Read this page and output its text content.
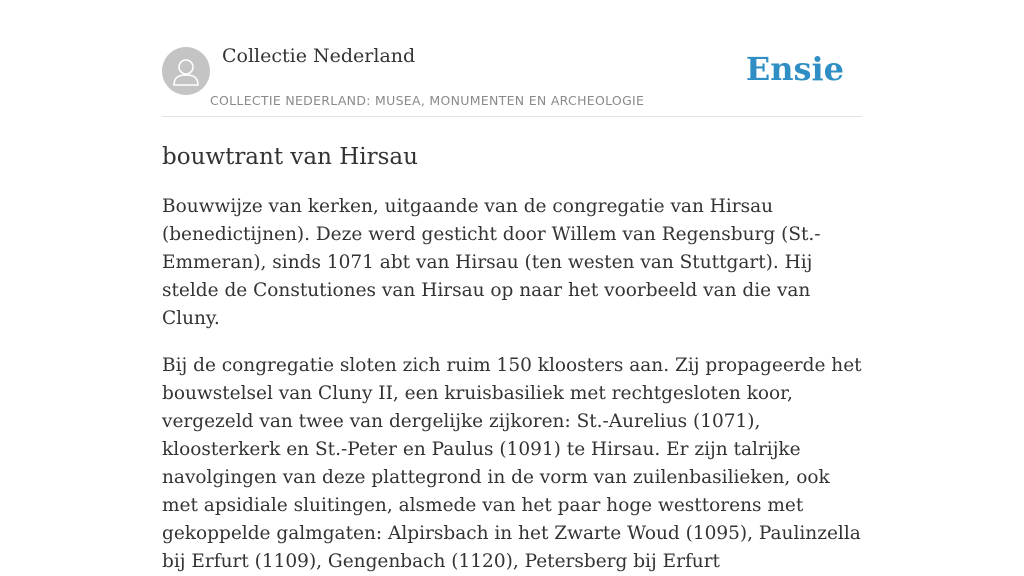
Collectie Nederland
COLLECTIE NEDERLAND: MUSEA, MONUMENTEN EN ARCHEOLOGIE
Ensie
bouwtrant van Hirsau

Bouwwijze van kerken, uitgaande van de congregatie van Hirsau (benedictijnen). Deze werd gesticht door Willem van Regensburg (St.-Emmeran), sinds 1071 abt van Hirsau (ten westen van Stuttgart). Hij stelde de Constutiones van Hirsau op naar het voorbeeld van die van Cluny.

Bij de congregatie sloten zich ruim 150 kloosters aan. Zij propageerde het bouwstelsel van Cluny II, een kruisbasiliek met rechtgesloten koor, vergezeld van twee van dergelijke zijkoren: St.-Aurelius (1071), kloosterkerk en St.-Peter en Paulus (1091) te Hirsau. Er zijn talrijke navolgingen van deze plattegrond in de vorm van zuilenbasilieken, ook met apsidiale sluitingen, alsmede van het paar hoge westtorens met gekoppelde galmgaten: Alpirsbach in het Zwarte Woud (1095), Paulinzella bij Erfurt (1109), Gengenbach (1120), Petersberg bij Erfurt
